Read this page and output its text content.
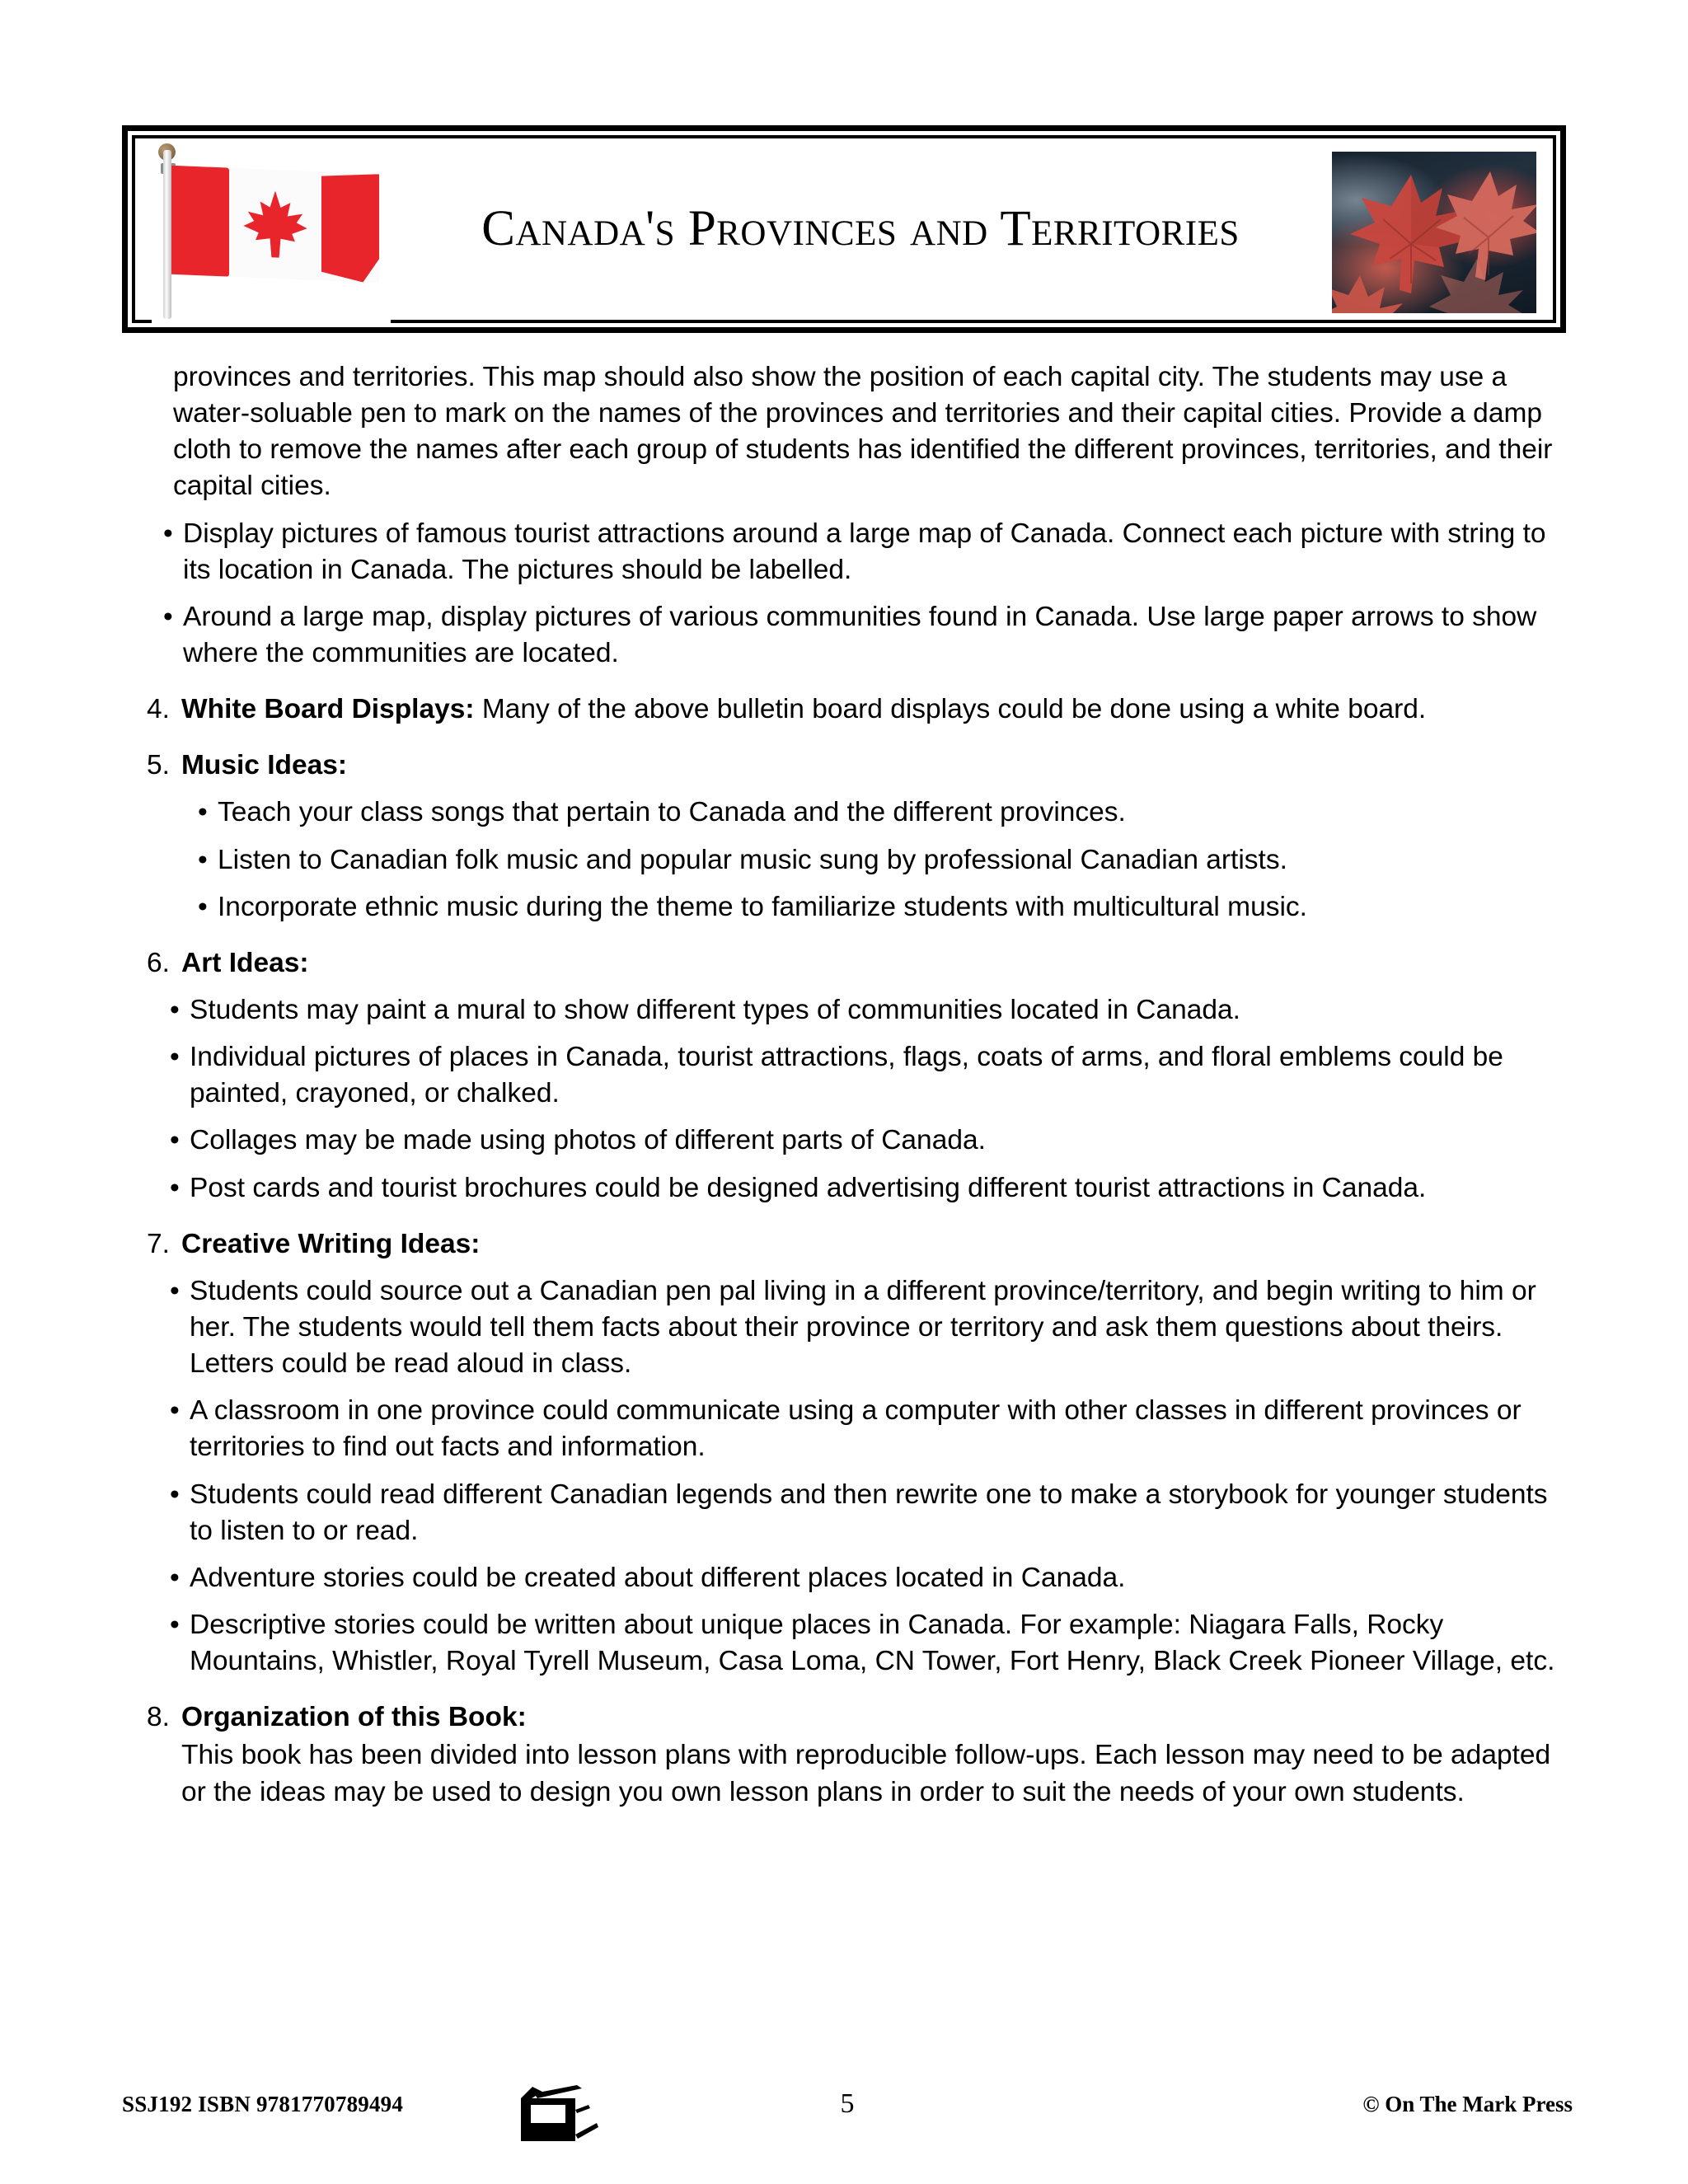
Canada's Provinces and Territories

provinces and territories. This map should also show the position of each capital city. The students may use a water-soluable pen to mark on the names of the provinces and territories and their capital cities. Provide a damp cloth to remove the names after each group of students has identified the different provinces, territories, and their capital cities.

• Display pictures of famous tourist attractions around a large map of Canada. Connect each picture with string to its location in Canada. The pictures should be labelled.
• Around a large map, display pictures of various communities found in Canada. Use large paper arrows to show where the communities are located.
4. White Board Displays: Many of the above bulletin board displays could be done using a white board.
5. Music Ideas:
• Teach your class songs that pertain to Canada and the different provinces.
• Listen to Canadian folk music and popular music sung by professional Canadian artists.
• Incorporate ethnic music during the theme to familiarize students with multicultural music.
6. Art Ideas:
• Students may paint a mural to show different types of communities located in Canada.
• Individual pictures of places in Canada, tourist attractions, flags, coats of arms, and floral emblems could be painted, crayoned, or chalked.
• Collages may be made using photos of different parts of Canada.
• Post cards and tourist brochures could be designed advertising different tourist attractions in Canada.
7. Creative Writing Ideas:
• Students could source out a Canadian pen pal living in a different province/territory, and begin writing to him or her. The students would tell them facts about their province or territory and ask them questions about theirs. Letters could be read aloud in class.
• A classroom in one province could communicate using a computer with other classes in different provinces or territories to find out facts and information.
• Students could read different Canadian legends and then rewrite one to make a storybook for younger students to listen to or read.
• Adventure stories could be created about different places located in Canada.
• Descriptive stories could be written about unique places in Canada. For example: Niagara Falls, Rocky Mountains, Whistler, Royal Tyrell Museum, Casa Loma, CN Tower, Fort Henry, Black Creek Pioneer Village, etc.
8. Organization of this Book:

This book has been divided into lesson plans with reproducible follow-ups. Each lesson may need to be adapted or the ideas may be used to design you own lesson plans in order to suit the needs of your own students.

SSJ192 ISBN 9781770789494	5	© On The Mark Press
